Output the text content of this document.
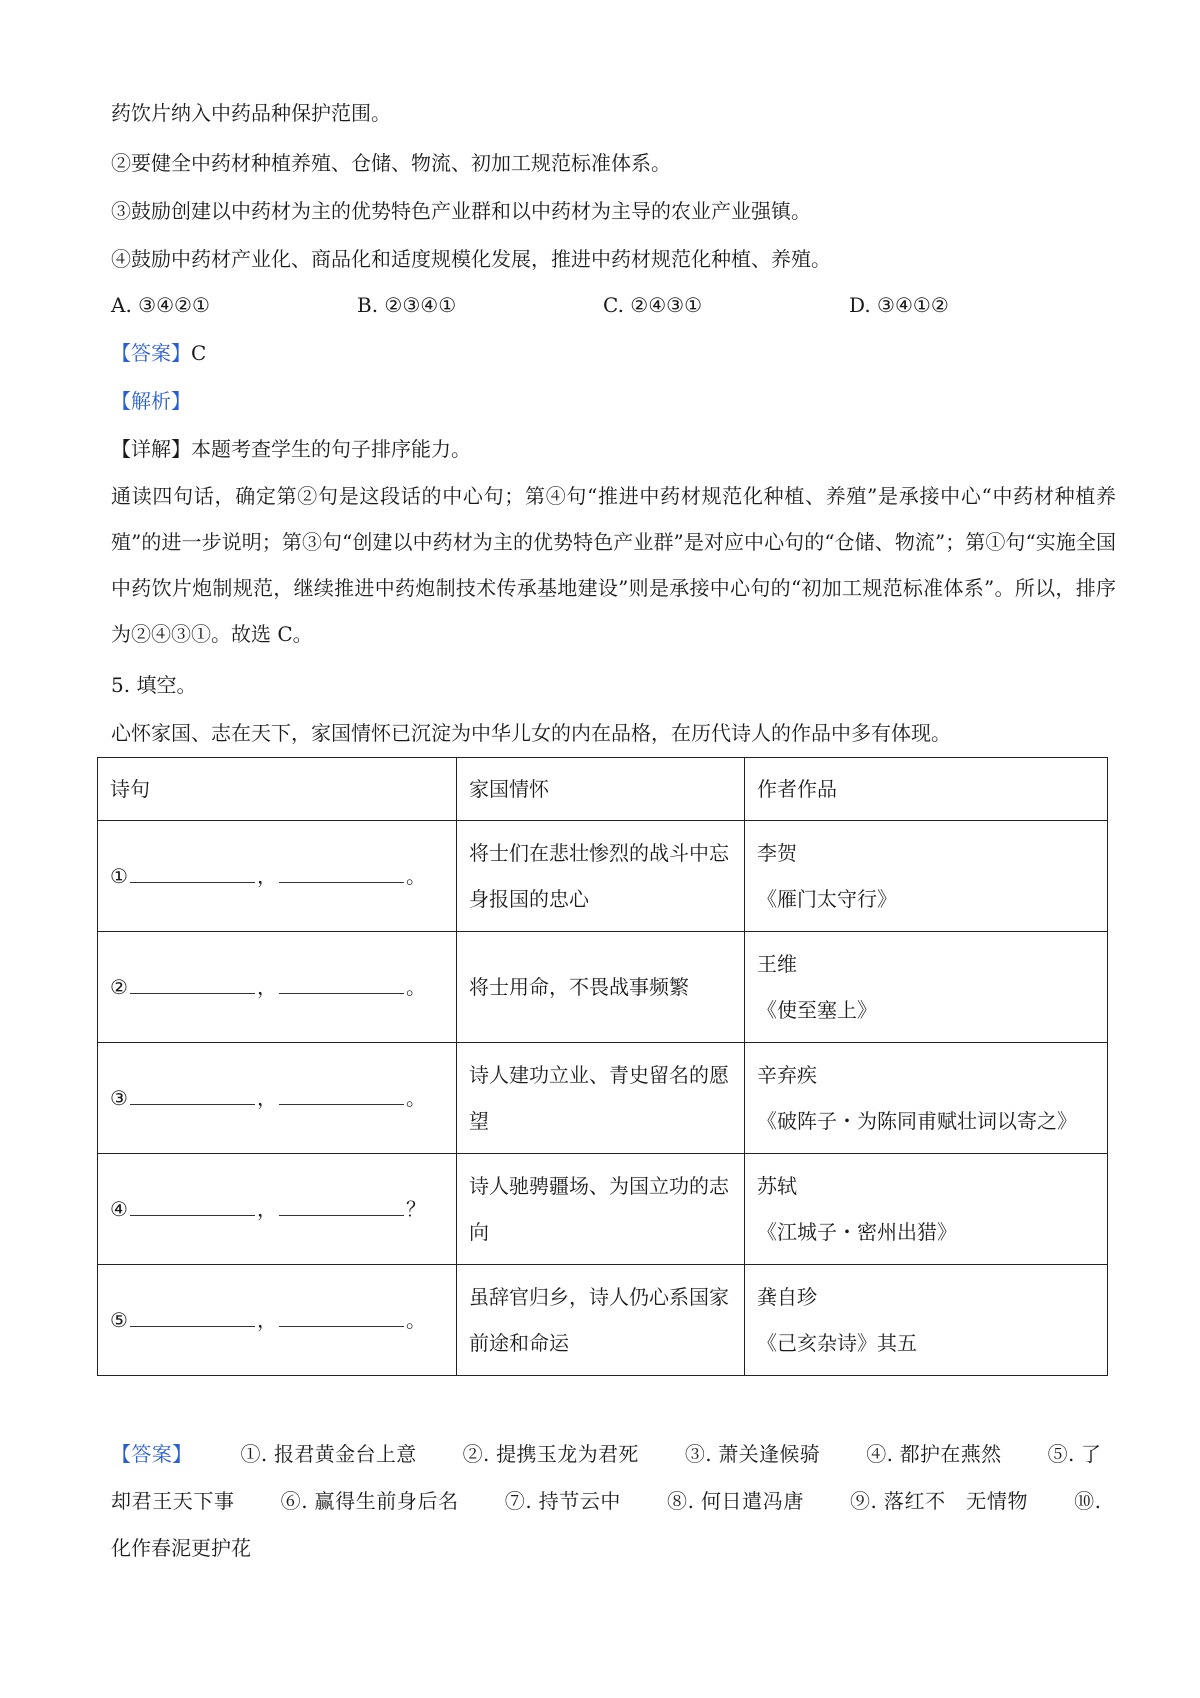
药饮片纳入中药品种保护范围。
②要健全中药材种植养殖、仓储、物流、初加工规范标准体系。
③鼓励创建以中药材为主的优势特色产业群和以中药材为主导的农业产业强镇。
④鼓励中药材产业化、商品化和适度规模化发展，推进中药材规范化种植、养殖。
A. ③④②①	B. ②③④①	C. ②④③①	D. ③④①②
【答案】C
【解析】
【详解】本题考查学生的句子排序能力。
通读四句话，确定第②句是这段话的中心句；第④句“推进中药材规范化种植、养殖”是承接中心“中药材种植养殖”的进一步说明；第③句“创建以中药材为主的优势特色产业群”是对应中心句的“仓储、物流”；第①句“实施全国中药饮片炮制规范，继续推进中药炮制技术传承基地建设”则是承接中心句的“初加工规范标准体系”。所以，排序为②④③①。故选 C。
5. 填空。
心怀家国、志在天下，家国情怀已沉淀为中华儿女的内在品格，在历代诗人的作品中多有体现。
诗句	家国情怀	作者作品
① ， 。	将士们在悲壮惨烈的战斗中忘身报国的忠心	李贺
《雁门太守行》

② ， 。	将士用命，不畏战事频繁	王维
《使至塞上》

③ ， 。	诗人建功立业、青史留名的愿望	辛弃疾
《破阵子・为陈同甫赋壮词以寄之》

④ ， ？	诗人驰骋疆场、为国立功的志向	苏轼
《江城子・密州出猎》

⑤ ， 。	虽辞官归乡，诗人仍心系国家前途和命运	龚自珍
《己亥杂诗》其五
【答案】 ①. 报君黄金台上意 ②. 提携玉龙为君死 ③. 萧关逢候骑 ④. 都护在燕然 ⑤. 了却君王天下事 ⑥. 赢得生前身后名 ⑦. 持节云中 ⑧. 何日遣冯唐 ⑨. 落红不　无情物 ⑩. 化作春泥更护花
